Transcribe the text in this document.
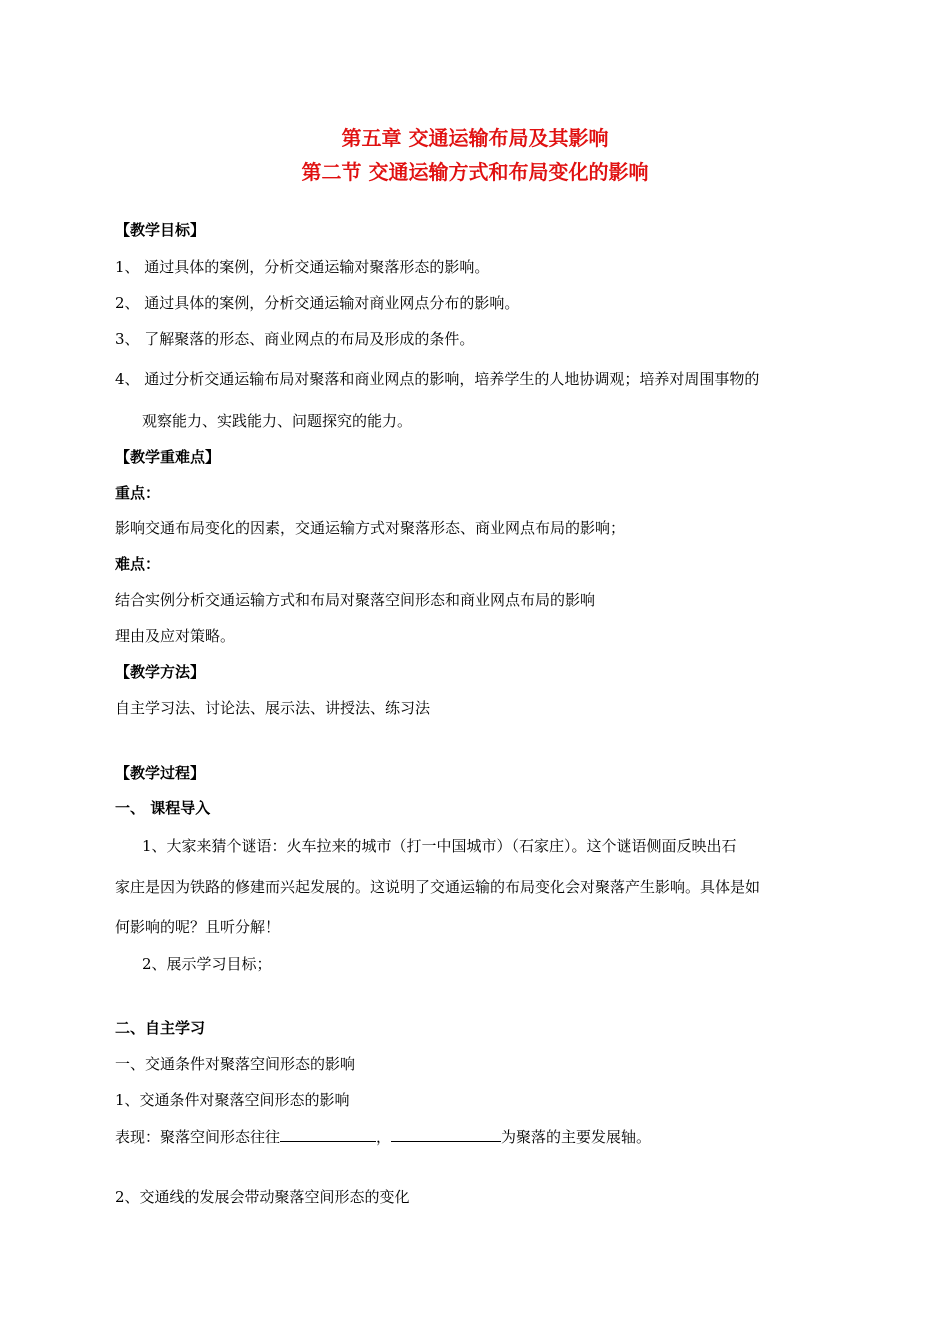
第五章 交通运输布局及其影响
第二节 交通运输方式和布局变化的影响
【教学目标】
1、 通过具体的案例，分析交通运输对聚落形态的影响。
2、 通过具体的案例，分析交通运输对商业网点分布的影响。
3、 了解聚落的形态、商业网点的布局及形成的条件。
4、 通过分析交通运输布局对聚落和商业网点的影响，培养学生的人地协调观；培养对周围事物的
观察能力、实践能力、问题探究的能力。
【教学重难点】
重点：
影响交通布局变化的因素，交通运输方式对聚落形态、商业网点布局的影响；
难点：
结合实例分析交通运输方式和布局对聚落空间形态和商业网点布局的影响
理由及应对策略。
【教学方法】
自主学习法、讨论法、展示法、讲授法、练习法
【教学过程】
一、 课程导入
1、大家来猜个谜语：火车拉来的城市（打一中国城市）（石家庄）。这个谜语侧面反映出石
家庄是因为铁路的修建而兴起发展的。这说明了交通运输的布局变化会对聚落产生影响。具体是如
何影响的呢？且听分解！
2、展示学习目标；
二、自主学习
一、交通条件对聚落空间形态的影响
1、交通条件对聚落空间形态的影响
表现：聚落空间形态往往	，	为聚落的主要发展轴。
2、交通线的发展会带动聚落空间形态的变化
